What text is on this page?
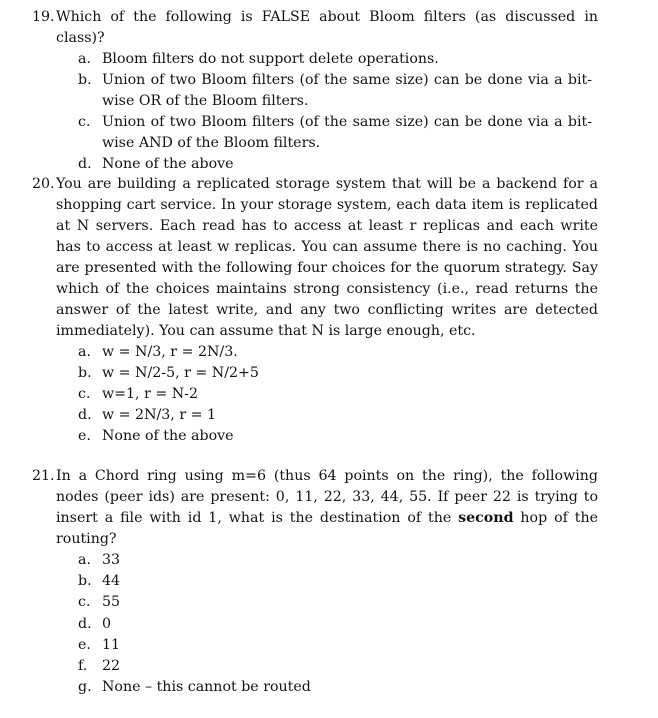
19. Which of the following is FALSE about Bloom filters (as discussed in class)?
a. Bloom filters do not support delete operations.
b. Union of two Bloom filters (of the same size) can be done via a bit-wise OR of the Bloom filters.
c. Union of two Bloom filters (of the same size) can be done via a bit-wise AND of the Bloom filters.
d. None of the above
20. You are building a replicated storage system that will be a backend for a shopping cart service. In your storage system, each data item is replicated at N servers. Each read has to access at least r replicas and each write has to access at least w replicas. You can assume there is no caching. You are presented with the following four choices for the quorum strategy. Say which of the choices maintains strong consistency (i.e., read returns the answer of the latest write, and any two conflicting writes are detected immediately). You can assume that N is large enough, etc.
a. w = N/3, r = 2N/3.
b. w = N/2-5, r = N/2+5
c. w=1, r = N-2
d. w = 2N/3, r = 1
e. None of the above
21. In a Chord ring using m=6 (thus 64 points on the ring), the following nodes (peer ids) are present: 0, 11, 22, 33, 44, 55. If peer 22 is trying to insert a file with id 1, what is the destination of the second hop of the routing?
a. 33
b. 44
c. 55
d. 0
e. 11
f.	22
g. None – this cannot be routed
